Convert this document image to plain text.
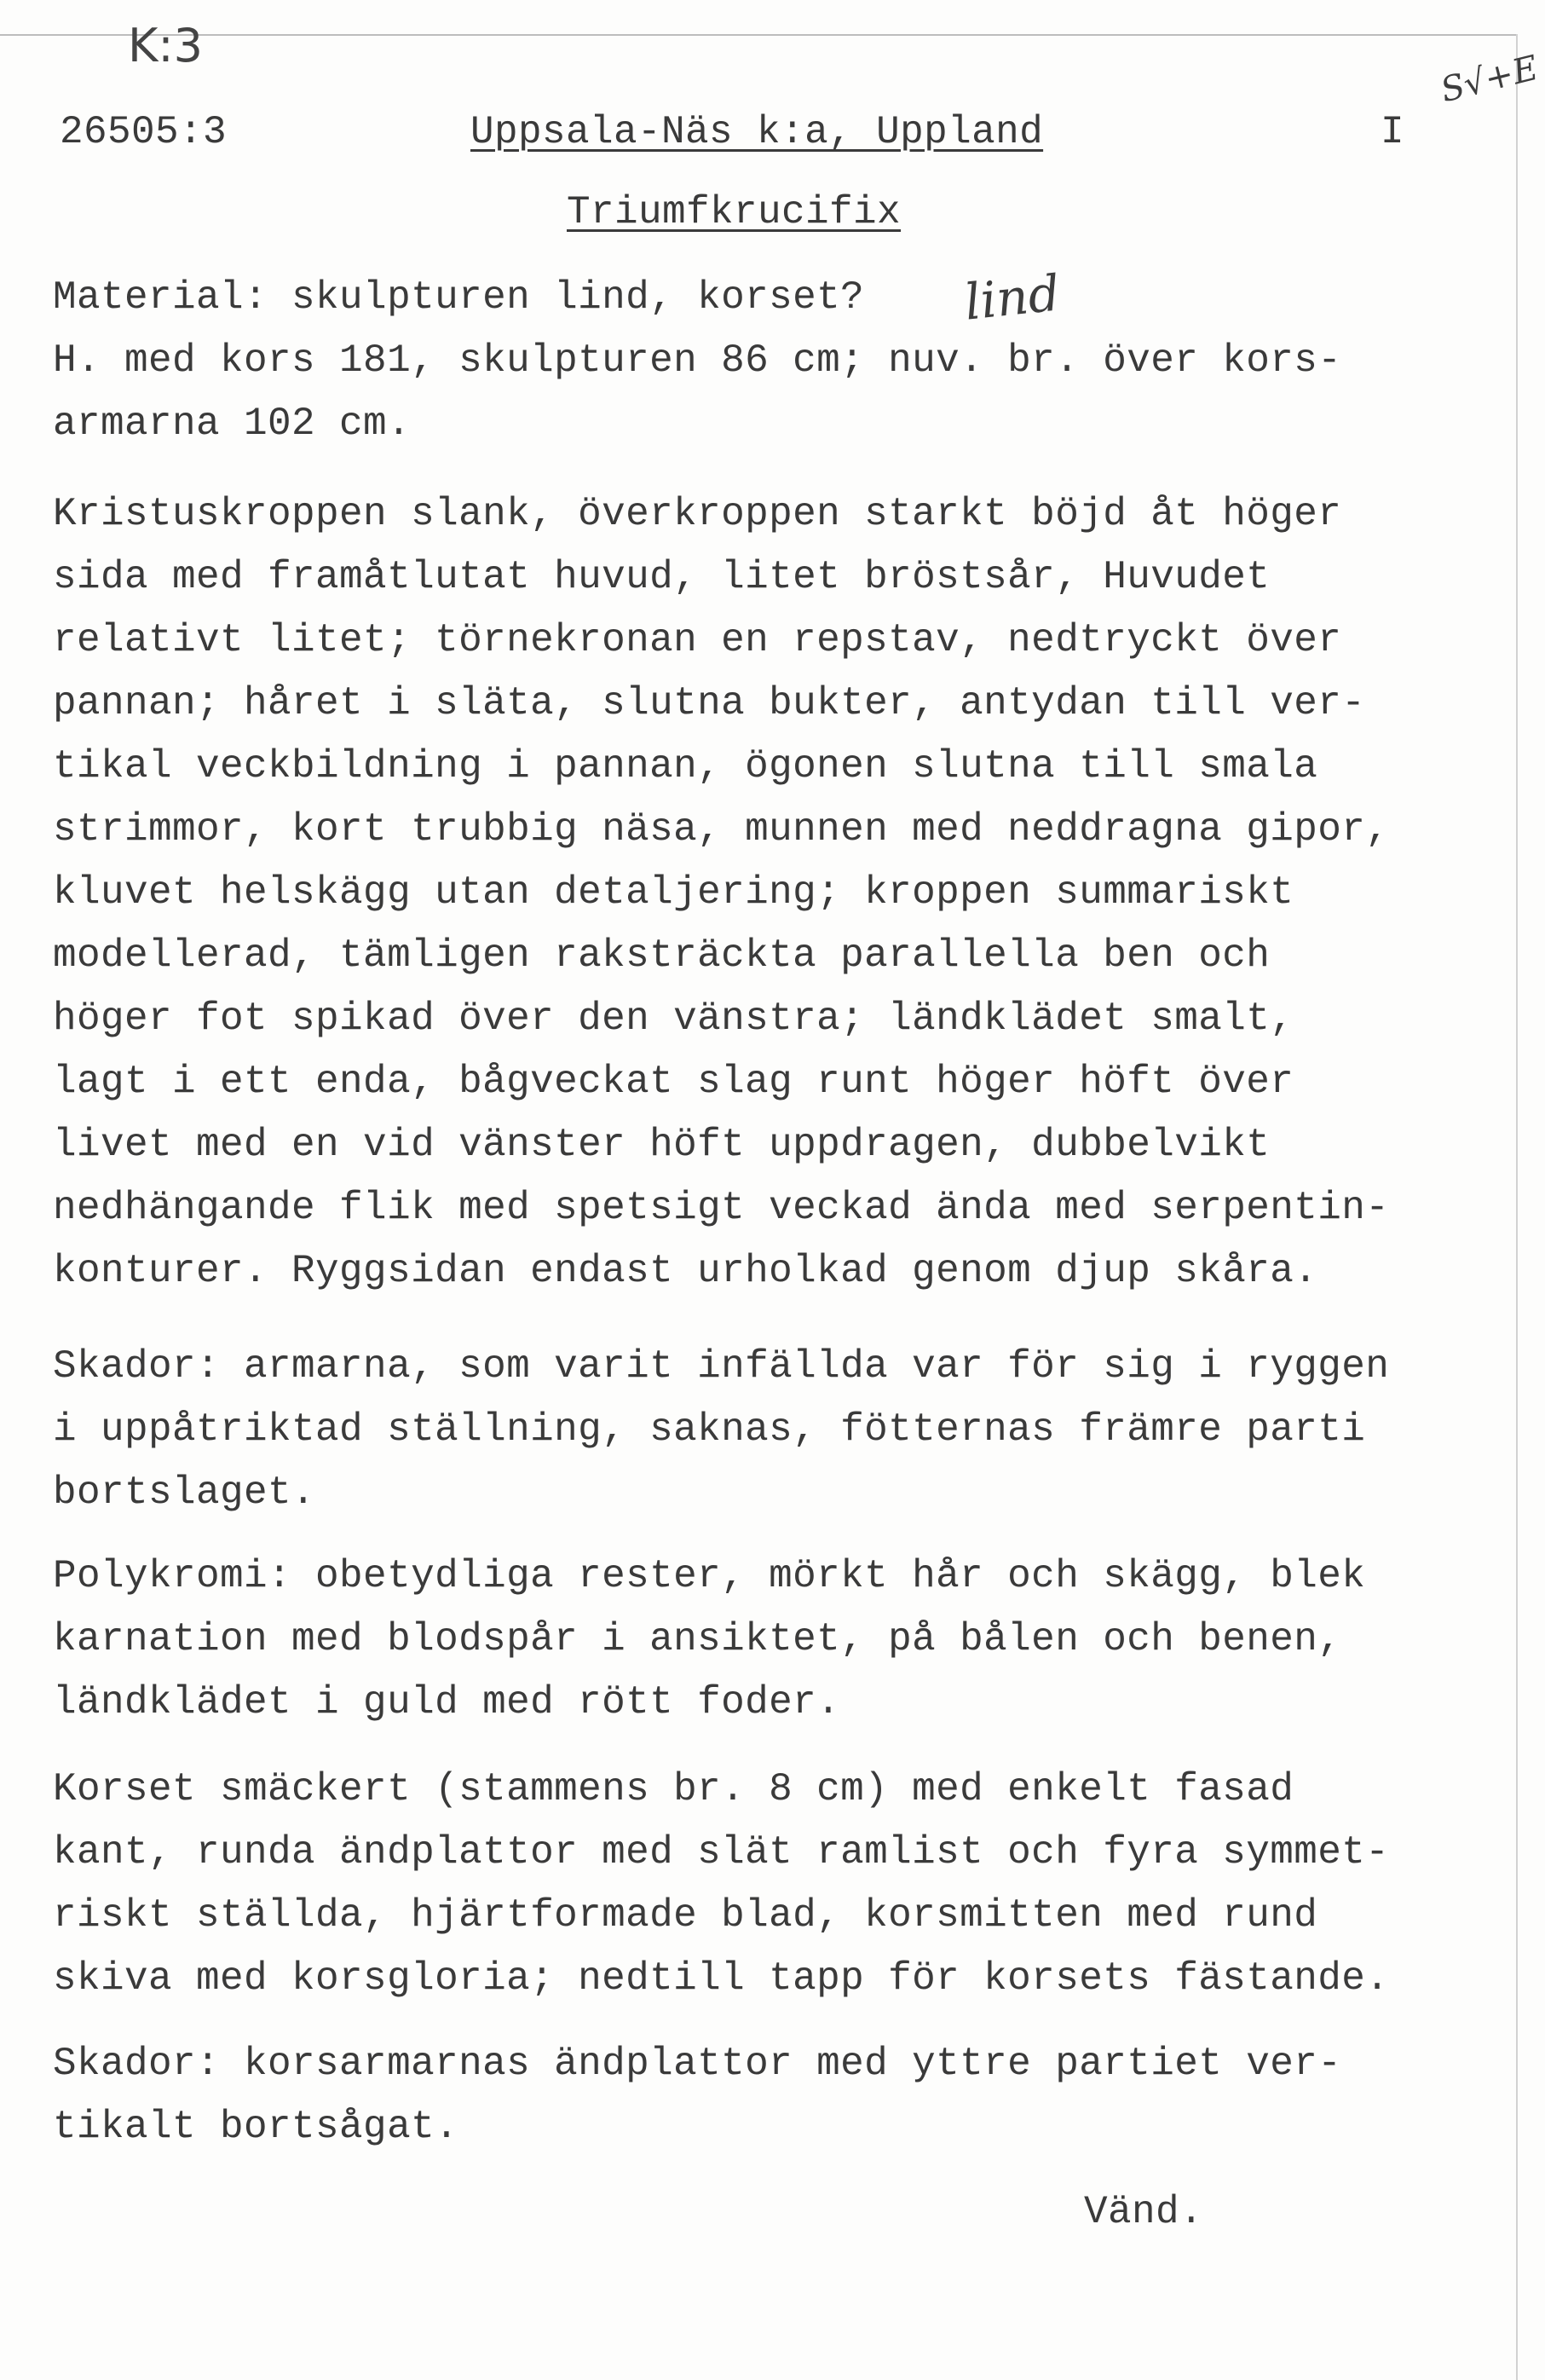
K:3
26505:3	Uppsala-Näs k:a, Uppland	I
S√+E
Triumfkrucifix
Material: skulpturen lind, korset? lind
H. med kors 181, skulpturen 86 cm; nuv. br. över kors-
armarna 102 cm.
Kristuskroppen slank, överkroppen starkt böjd åt höger
sida med framåtlutat huvud, litet bröstsår, Huvudet
relativt litet; törnekronan en repstav, nedtryckt över
pannan; håret i släta, slutna bukter, antydan till ver-
tikal veckbildning i pannan, ögonen slutna till smala
strimmor, kort trubbig näsa, munnen med neddragna gipor,
kluvet helskägg utan detaljering; kroppen summariskt
modellerad, tämligen raksträckta parallella ben och
höger fot spikad över den vänstra; ländklädet smalt,
lagt i ett enda, bågveckat slag runt höger höft över
livet med en vid vänster höft uppdragen, dubbelvikt
nedhängande flik med spetsigt veckad ända med serpentin-
konturer. Ryggsidan endast urholkad genom djup skåra.
Skador: armarna, som varit infällda var för sig i ryggen
i uppåtriktad ställning, saknas, fötternas främre parti
bortslaget.
Polykromi: obetydliga rester, mörkt hår och skägg, blek
karnation med blodspår i ansiktet, på bålen och benen,
ländklädet i guld med rött foder.
Korset smäckert (stammens br. 8 cm) med enkelt fasad
kant, runda ändplattor med slät ramlist och fyra symmet-
riskt ställda, hjärtformade blad, korsmitten med rund
skiva med korsgloria; nedtill tapp för korsets fästande.
Skador: korsarmarnas ändplattor med yttre partiet ver-
tikalt bortsågat.
Vänd.
